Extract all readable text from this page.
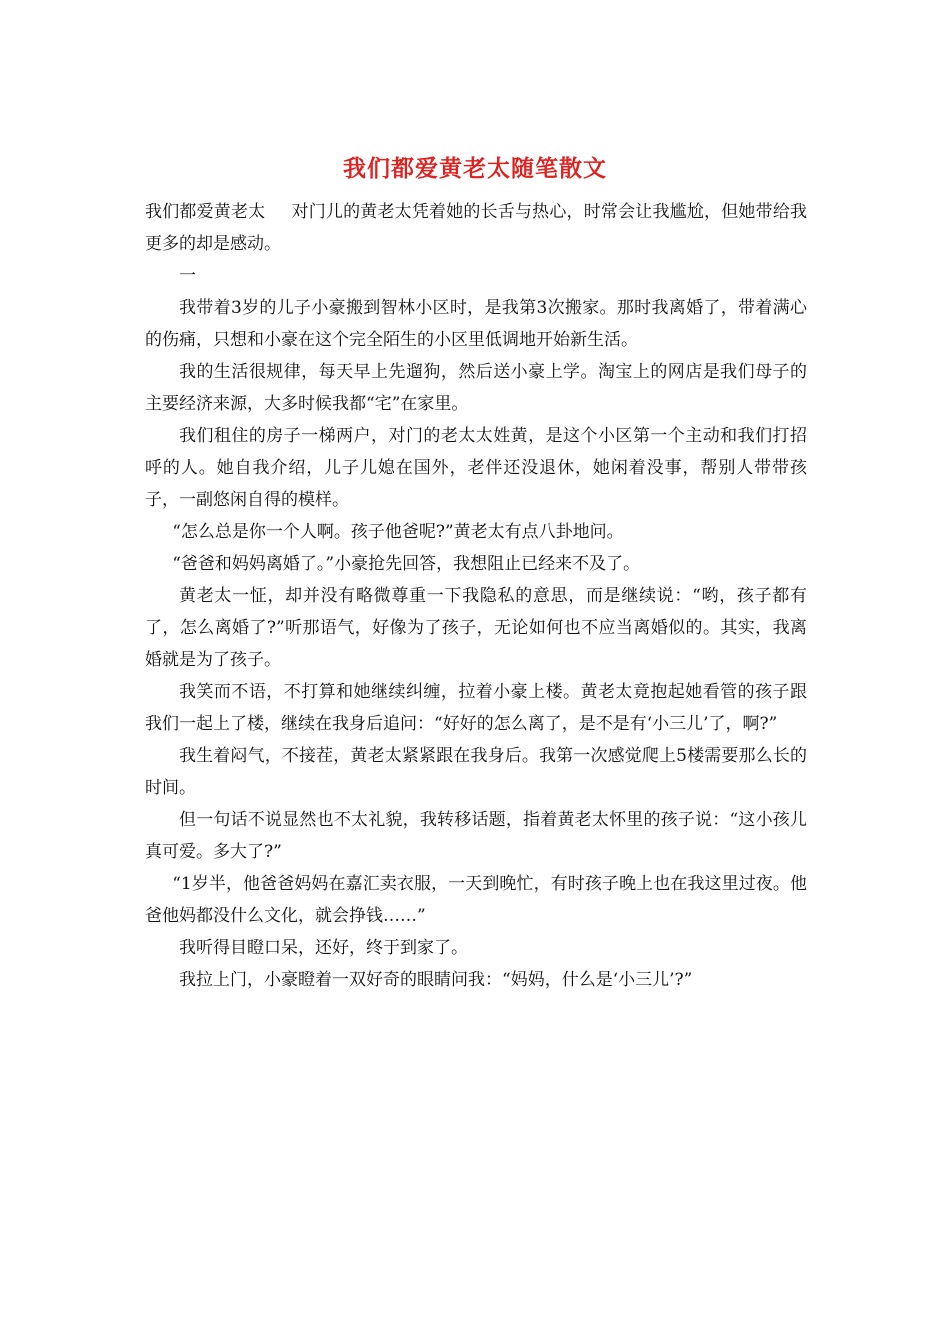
我们都爱黄老太随笔散文

我们都爱黄老太 对门儿的黄老太凭着她的长舌与热心，时常会让我尴尬，但她带给我更多的却是感动。

一

我带着3岁的儿子小豪搬到智林小区时，是我第3次搬家。那时我离婚了，带着满心的伤痛，只想和小豪在这个完全陌生的小区里低调地开始新生活。

我的生活很规律，每天早上先遛狗，然后送小豪上学。淘宝上的网店是我们母子的主要经济来源，大多时候我都“宅”在家里。

我们租住的房子一梯两户，对门的老太太姓黄，是这个小区第一个主动和我们打招呼的人。她自我介绍，儿子儿媳在国外，老伴还没退休，她闲着没事，帮别人带带孩子，一副悠闲自得的模样。

“怎么总是你一个人啊。孩子他爸呢?”黄老太有点八卦地问。

“爸爸和妈妈离婚了。”小豪抢先回答，我想阻止已经来不及了。

黄老太一怔，却并没有略微尊重一下我隐私的意思，而是继续说：“哟，孩子都有了，怎么离婚了?”听那语气，好像为了孩子，无论如何也不应当离婚似的。其实，我离婚就是为了孩子。

我笑而不语，不打算和她继续纠缠，拉着小豪上楼。黄老太竟抱起她看管的孩子跟我们一起上了楼，继续在我身后追问：“好好的怎么离了，是不是有‘小三儿’了，啊?”

我生着闷气，不接茬，黄老太紧紧跟在我身后。我第一次感觉爬上5楼需要那么长的时间。

但一句话不说显然也不太礼貌，我转移话题，指着黄老太怀里的孩子说：“这小孩儿真可爱。多大了?”

“1岁半，他爸爸妈妈在嘉汇卖衣服，一天到晚忙，有时孩子晚上也在我这里过夜。他爸他妈都没什么文化，就会挣钱……”

我听得目瞪口呆，还好，终于到家了。

我拉上门，小豪瞪着一双好奇的眼睛问我：“妈妈，什么是‘小三儿’?”
